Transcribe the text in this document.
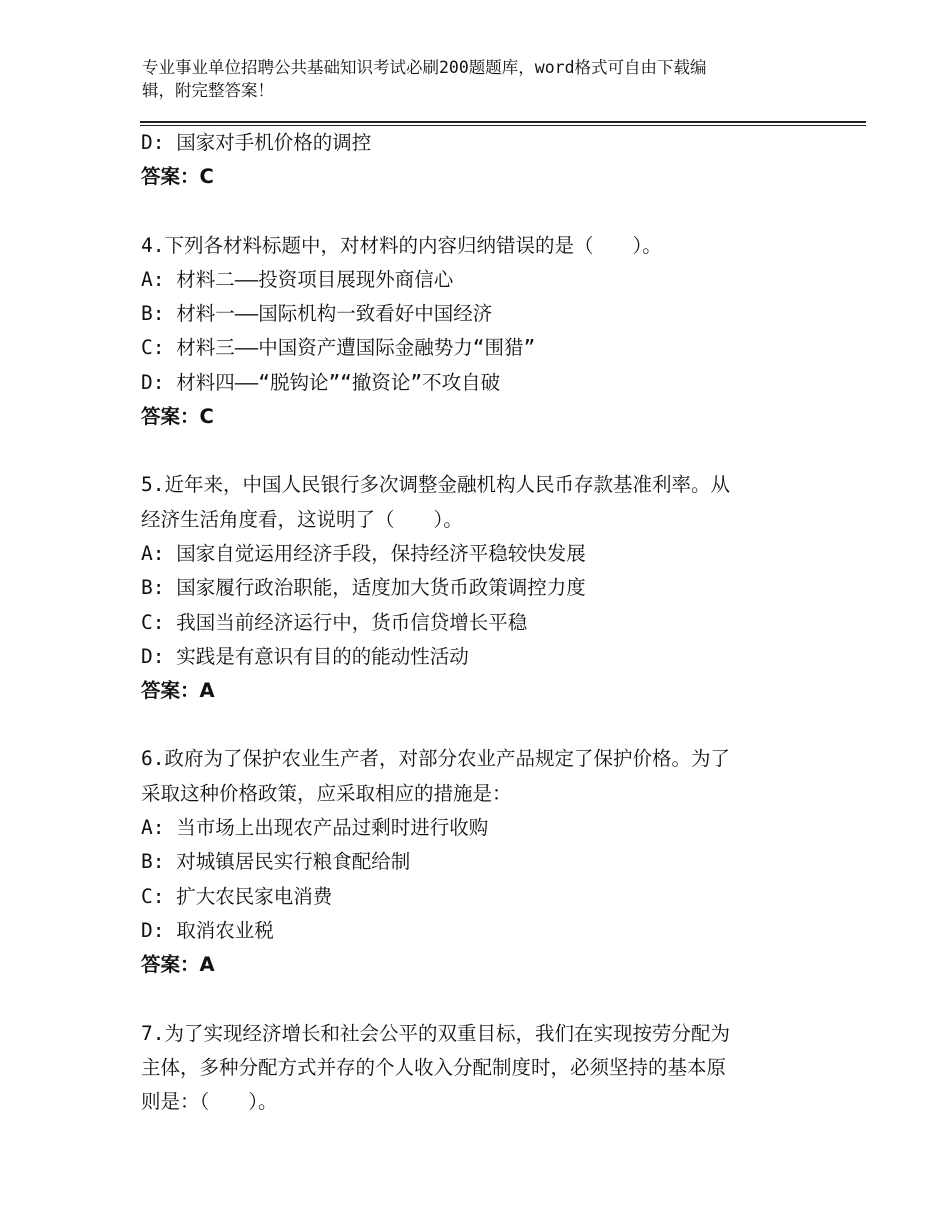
专业事业单位招聘公共基础知识考试必刷200题题库，word格式可自由下载编
辑，附完整答案！
D: 国家对手机价格的调控
答案：C
4.下列各材料标题中，对材料的内容归纳错误的是（　　）。
A: 材料二——投资项目展现外商信心
B: 材料一——国际机构一致看好中国经济
C: 材料三——中国资产遭国际金融势力“围猎”
D: 材料四——“脱钩论”“撤资论”不攻自破
答案：C
5.近年来，中国人民银行多次调整金融机构人民币存款基准利率。从
经济生活角度看，这说明了（　　）。
A: 国家自觉运用经济手段，保持经济平稳较快发展
B: 国家履行政治职能，适度加大货币政策调控力度
C: 我国当前经济运行中，货币信贷增长平稳
D: 实践是有意识有目的的能动性活动
答案：A
6.政府为了保护农业生产者，对部分农业产品规定了保护价格。为了
采取这种价格政策，应采取相应的措施是：
A: 当市场上出现农产品过剩时进行收购
B: 对城镇居民实行粮食配给制
C: 扩大农民家电消费
D: 取消农业税
答案：A
7.为了实现经济增长和社会公平的双重目标，我们在实现按劳分配为
主体，多种分配方式并存的个人收入分配制度时，必须坚持的基本原
则是：（　　）。
